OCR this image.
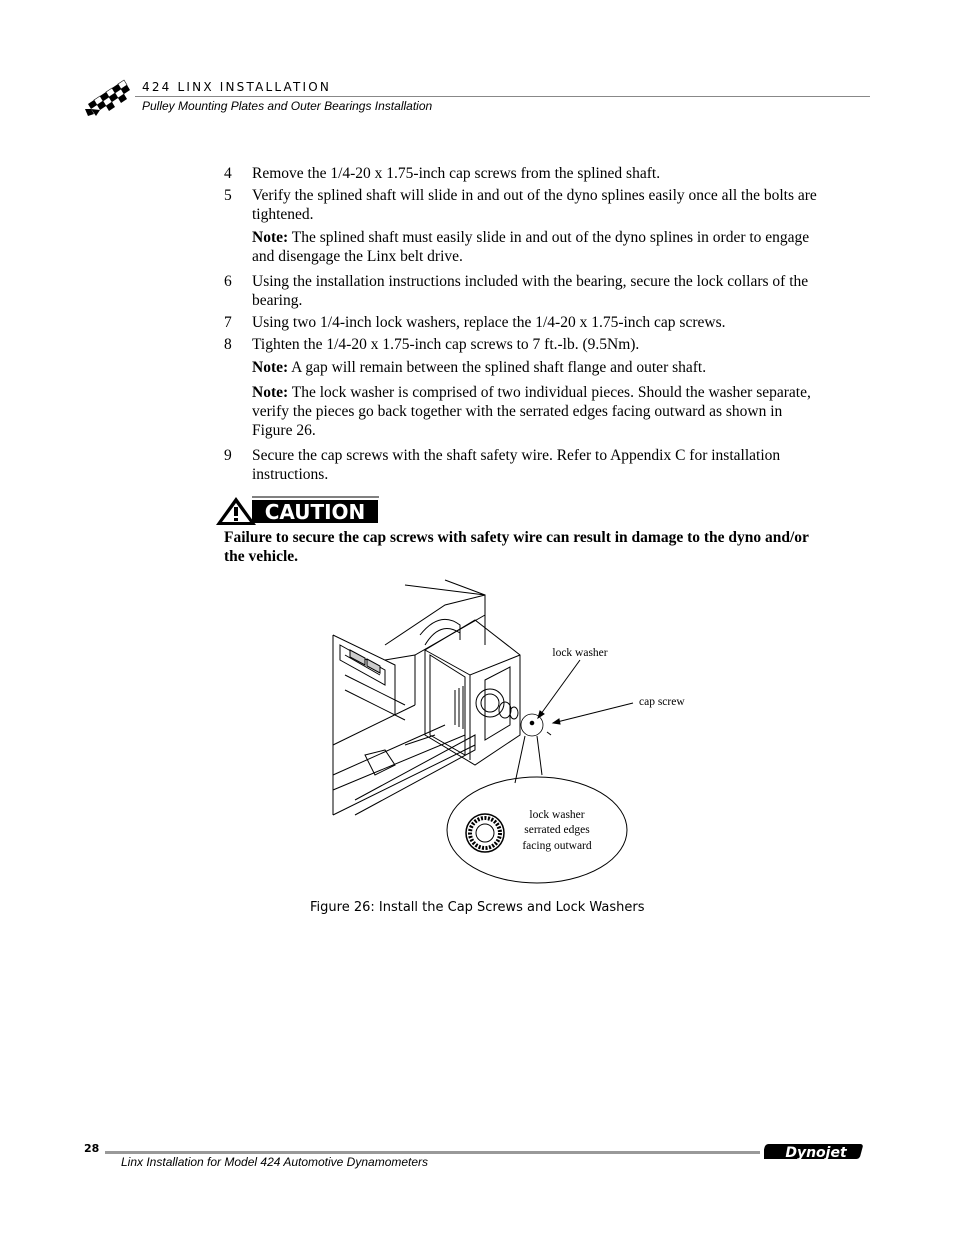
424 LINX INSTALLATION
Pulley Mounting Plates and Outer Bearings Installation
4 Remove the 1/4-20 x 1.75-inch cap screws from the splined shaft.
5 Verify the splined shaft will slide in and out of the dyno splines easily once all the bolts are tightened.
Note: The splined shaft must easily slide in and out of the dyno splines in order to engage and disengage the Linx belt drive.
6 Using the installation instructions included with the bearing, secure the lock collars of the bearing.
7 Using two 1/4-inch lock washers, replace the 1/4-20 x 1.75-inch cap screws.
8 Tighten the 1/4-20 x 1.75-inch cap screws to 7 ft.-lb. (9.5Nm).
Note: A gap will remain between the splined shaft flange and outer shaft.
Note: The lock washer is comprised of two individual pieces. Should the washer separate, verify the pieces go back together with the serrated edges facing outward as shown in Figure 26.
9 Secure the cap screws with the shaft safety wire. Refer to Appendix C for installation instructions.
CAUTION
Failure to secure the cap screws with safety wire can result in damage to the dyno and/or the vehicle.
lock washer
cap screw
lock washer
serrated edges
facing outward
Figure 26: Install the Cap Screws and Lock Washers
28
Linx Installation for Model 424 Automotive Dynamometers
Dynojet
